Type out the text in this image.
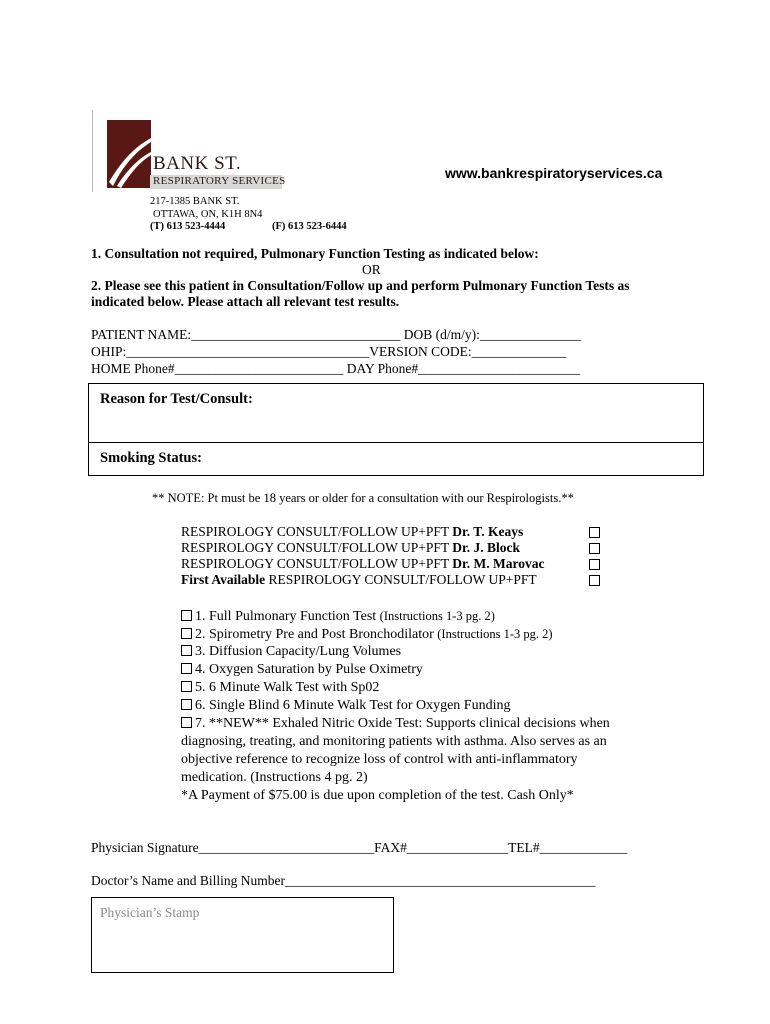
BANK ST.
RESPIRATORY SERVICES	www.bankrespiratoryservices.ca
217-1385 BANK ST.
OTTAWA, ON, K1H 8N4
(T) 613 523-4444	(F) 613 523-6444
1. Consultation not required, Pulmonary Function Testing as indicated below:
OR
2. Please see this patient in Consultation/Follow up and perform Pulmonary Function Tests as
indicated below. Please attach all relevant test results.
PATIENT NAME:_______________________________ DOB (d/m/y):_______________
OHIP:____________________________________VERSION CODE:______________
HOME Phone#_________________________ DAY Phone#________________________
Reason for Test/Consult:
Smoking Status:
** NOTE: Pt must be 18 years or older for a consultation with our Respirologists.**
RESPIROLOGY CONSULT/FOLLOW UP+PFT Dr. T. Keays
RESPIROLOGY CONSULT/FOLLOW UP+PFT Dr. J. Block
RESPIROLOGY CONSULT/FOLLOW UP+PFT Dr. M. Marovac
First Available RESPIROLOGY CONSULT/FOLLOW UP+PFT
1. Full Pulmonary Function Test (Instructions 1-3 pg. 2)
2. Spirometry Pre and Post Bronchodilator (Instructions 1-3 pg. 2)
3. Diffusion Capacity/Lung Volumes
4. Oxygen Saturation by Pulse Oximetry
5. 6 Minute Walk Test with Sp02
6. Single Blind 6 Minute Walk Test for Oxygen Funding
7. **NEW** Exhaled Nitric Oxide Test: Supports clinical decisions when
diagnosing, treating, and monitoring patients with asthma. Also serves as an
objective reference to recognize loss of control with anti-inflammatory
medication. (Instructions 4 pg. 2)
*A Payment of $75.00 is due upon completion of the test. Cash Only*
Physician Signature__________________________FAX#_______________TEL#_____________
Doctor’s Name and Billing Number______________________________________________
Physician’s Stamp
